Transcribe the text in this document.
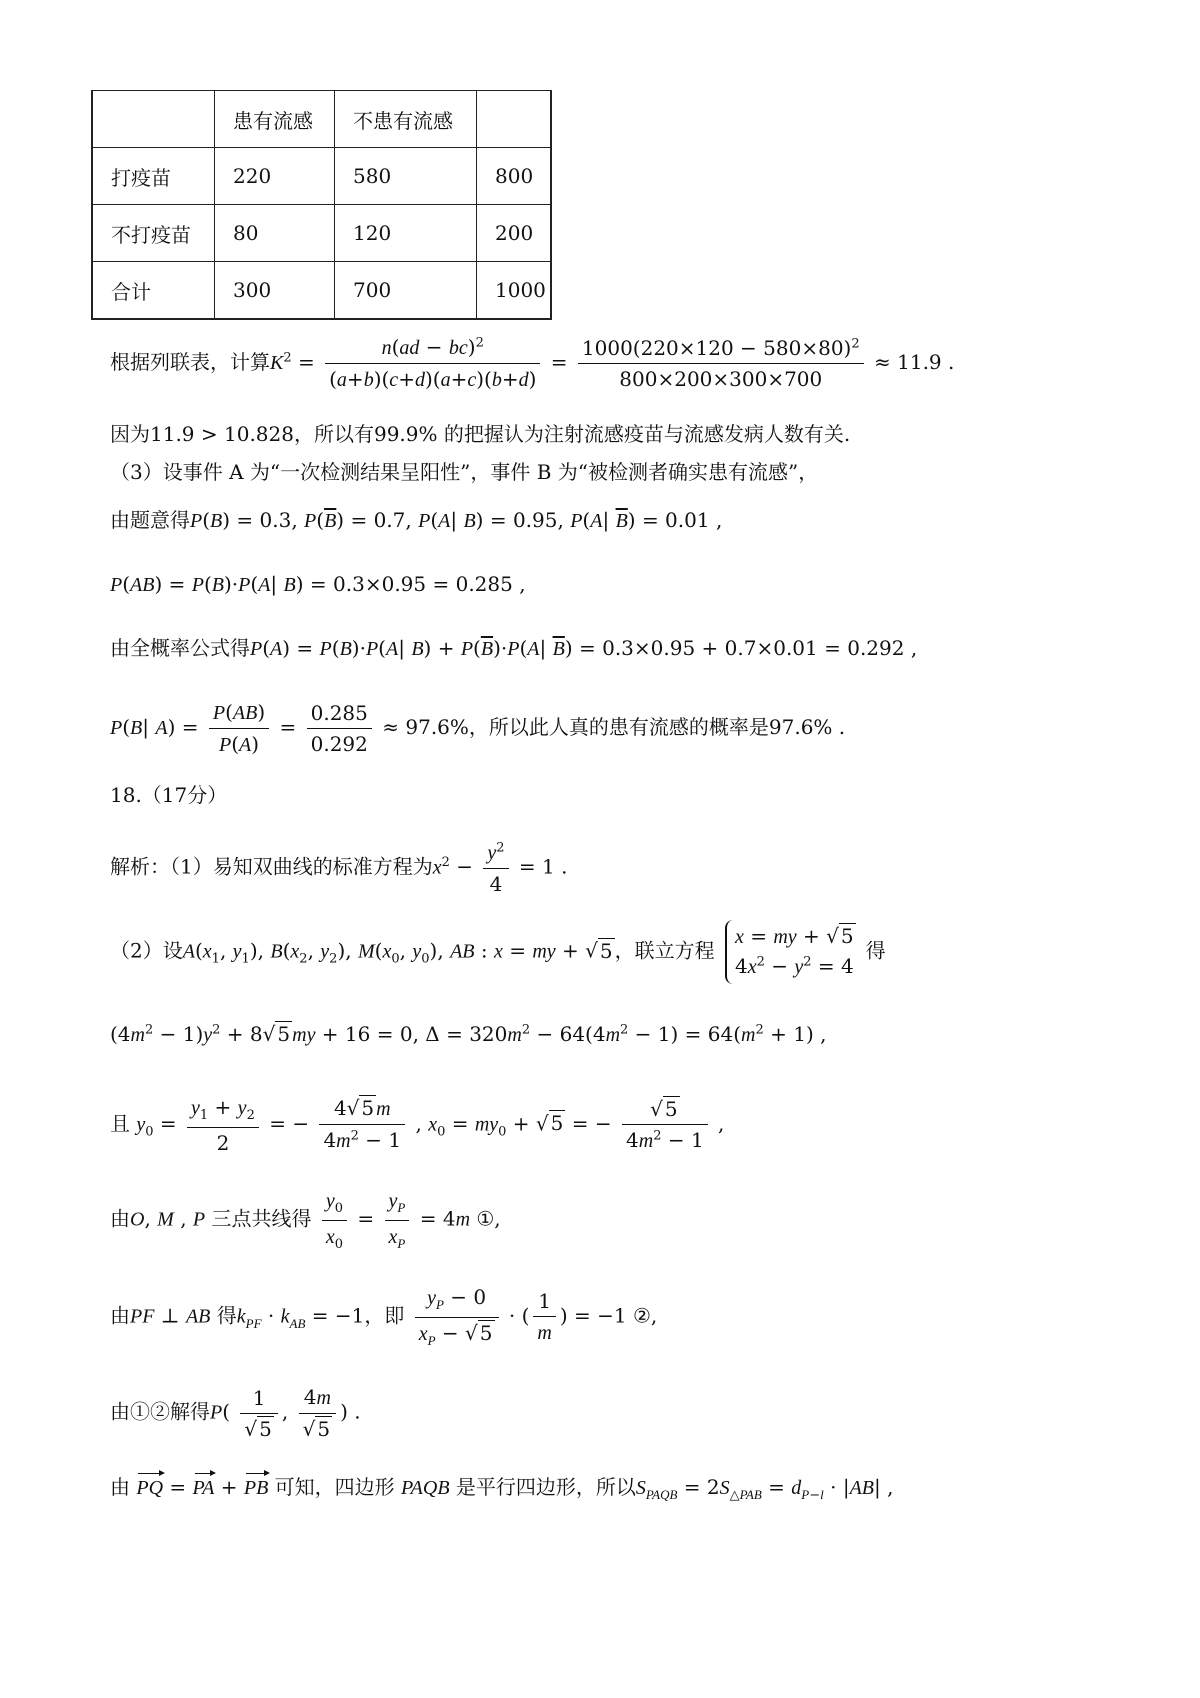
	患有流感	不患有流感	
打疫苗	220	580	800
不打疫苗	80	120	200
合计	300	700	1000
根据列联表，计算$K^2 = \frac{n(ad - bc)^2}{(a+b)(c+d)(a+c)(b+d)} = \frac{1000(220\times 120 - 580\times 80)^2}{800\times 200\times 300\times 700} \approx 11.9$ .
因为11.9 > 10.828，所以有99.9% 的把握认为注射流感疫苗与流感发病人数有关.
（3）设事件 A 为“一次检测结果呈阳性”，事件 B 为“被检测者确实患有流感”，
由题意得P(B) = 0.3, $P(\overline{B}) = 0.7$, P(A| B) = 0.95, P(A| $\overline{B}) = 0.01$ ,
P(AB) = P(B)·P(A| B) = 0.3×0.95 = 0.285 ,
由全概率公式得P(A) = P(B)·P(A| $B) + P(\overline{B})\cdot P(A|$ $\overline{B}) = 0.3\times 0.95 + 0.7\times 0.01 = 0.292$ ,
P(B| $A) = \frac{P(AB)}{P(A)} = \frac{0.285}{0.292} \approx 97.6\%$，所以此人真的患有流感的概率是97.6% .
18.（17分）
解析：（1）易知双曲线的标准方程为$x^2 - \frac{y^2}{4} = 1$ .
（2）设$A(x_1$, $y_1$), $B(x_2$, $y_2$), $M(x_0$, $y_0$), AB : x = my + √ 5 ，联立方程 x = my + √ 5
$4x^2 - y^2 = 4$得
$(4m^2 - 1)y^2 + 8√$ 5 my + 16 = 0, $\Delta = 320m^2 - 64(4m^2 - 1) = 64(m^2 + 1)$ ,
且 $y_0 = \frac{y_1 + y_2}{2}$ = − $\frac{4√ 5 m}{4m^2 - 1}$ , $x_0 = my_0$ + √ 5 = − $\frac{√ 5}{4m^2 - 1}$ ,
由O, M , P 三点共线得 $\frac{y_0}{x_0} = \frac{y_P}{x_P} = 4m$ ①,
由PF ⊥ AB 得$k_{PF} \cdot k_{AB} = -1$，即 $\frac{y_P - 0}{x_P - √ 5}$ · ( $\frac{1}{m}$ ) = −1 ②,
由①②解得$P( \frac{1}{√ 5}$ , $\frac{4m}{√ 5}$ ) .
由 PQ = PA + PB 可知，四边形 PAQB 是平行四边形，所以$S_{PAQB} = 2S_{\triangle PAB} = d_{P-l} \cdot |AB|$ ,
